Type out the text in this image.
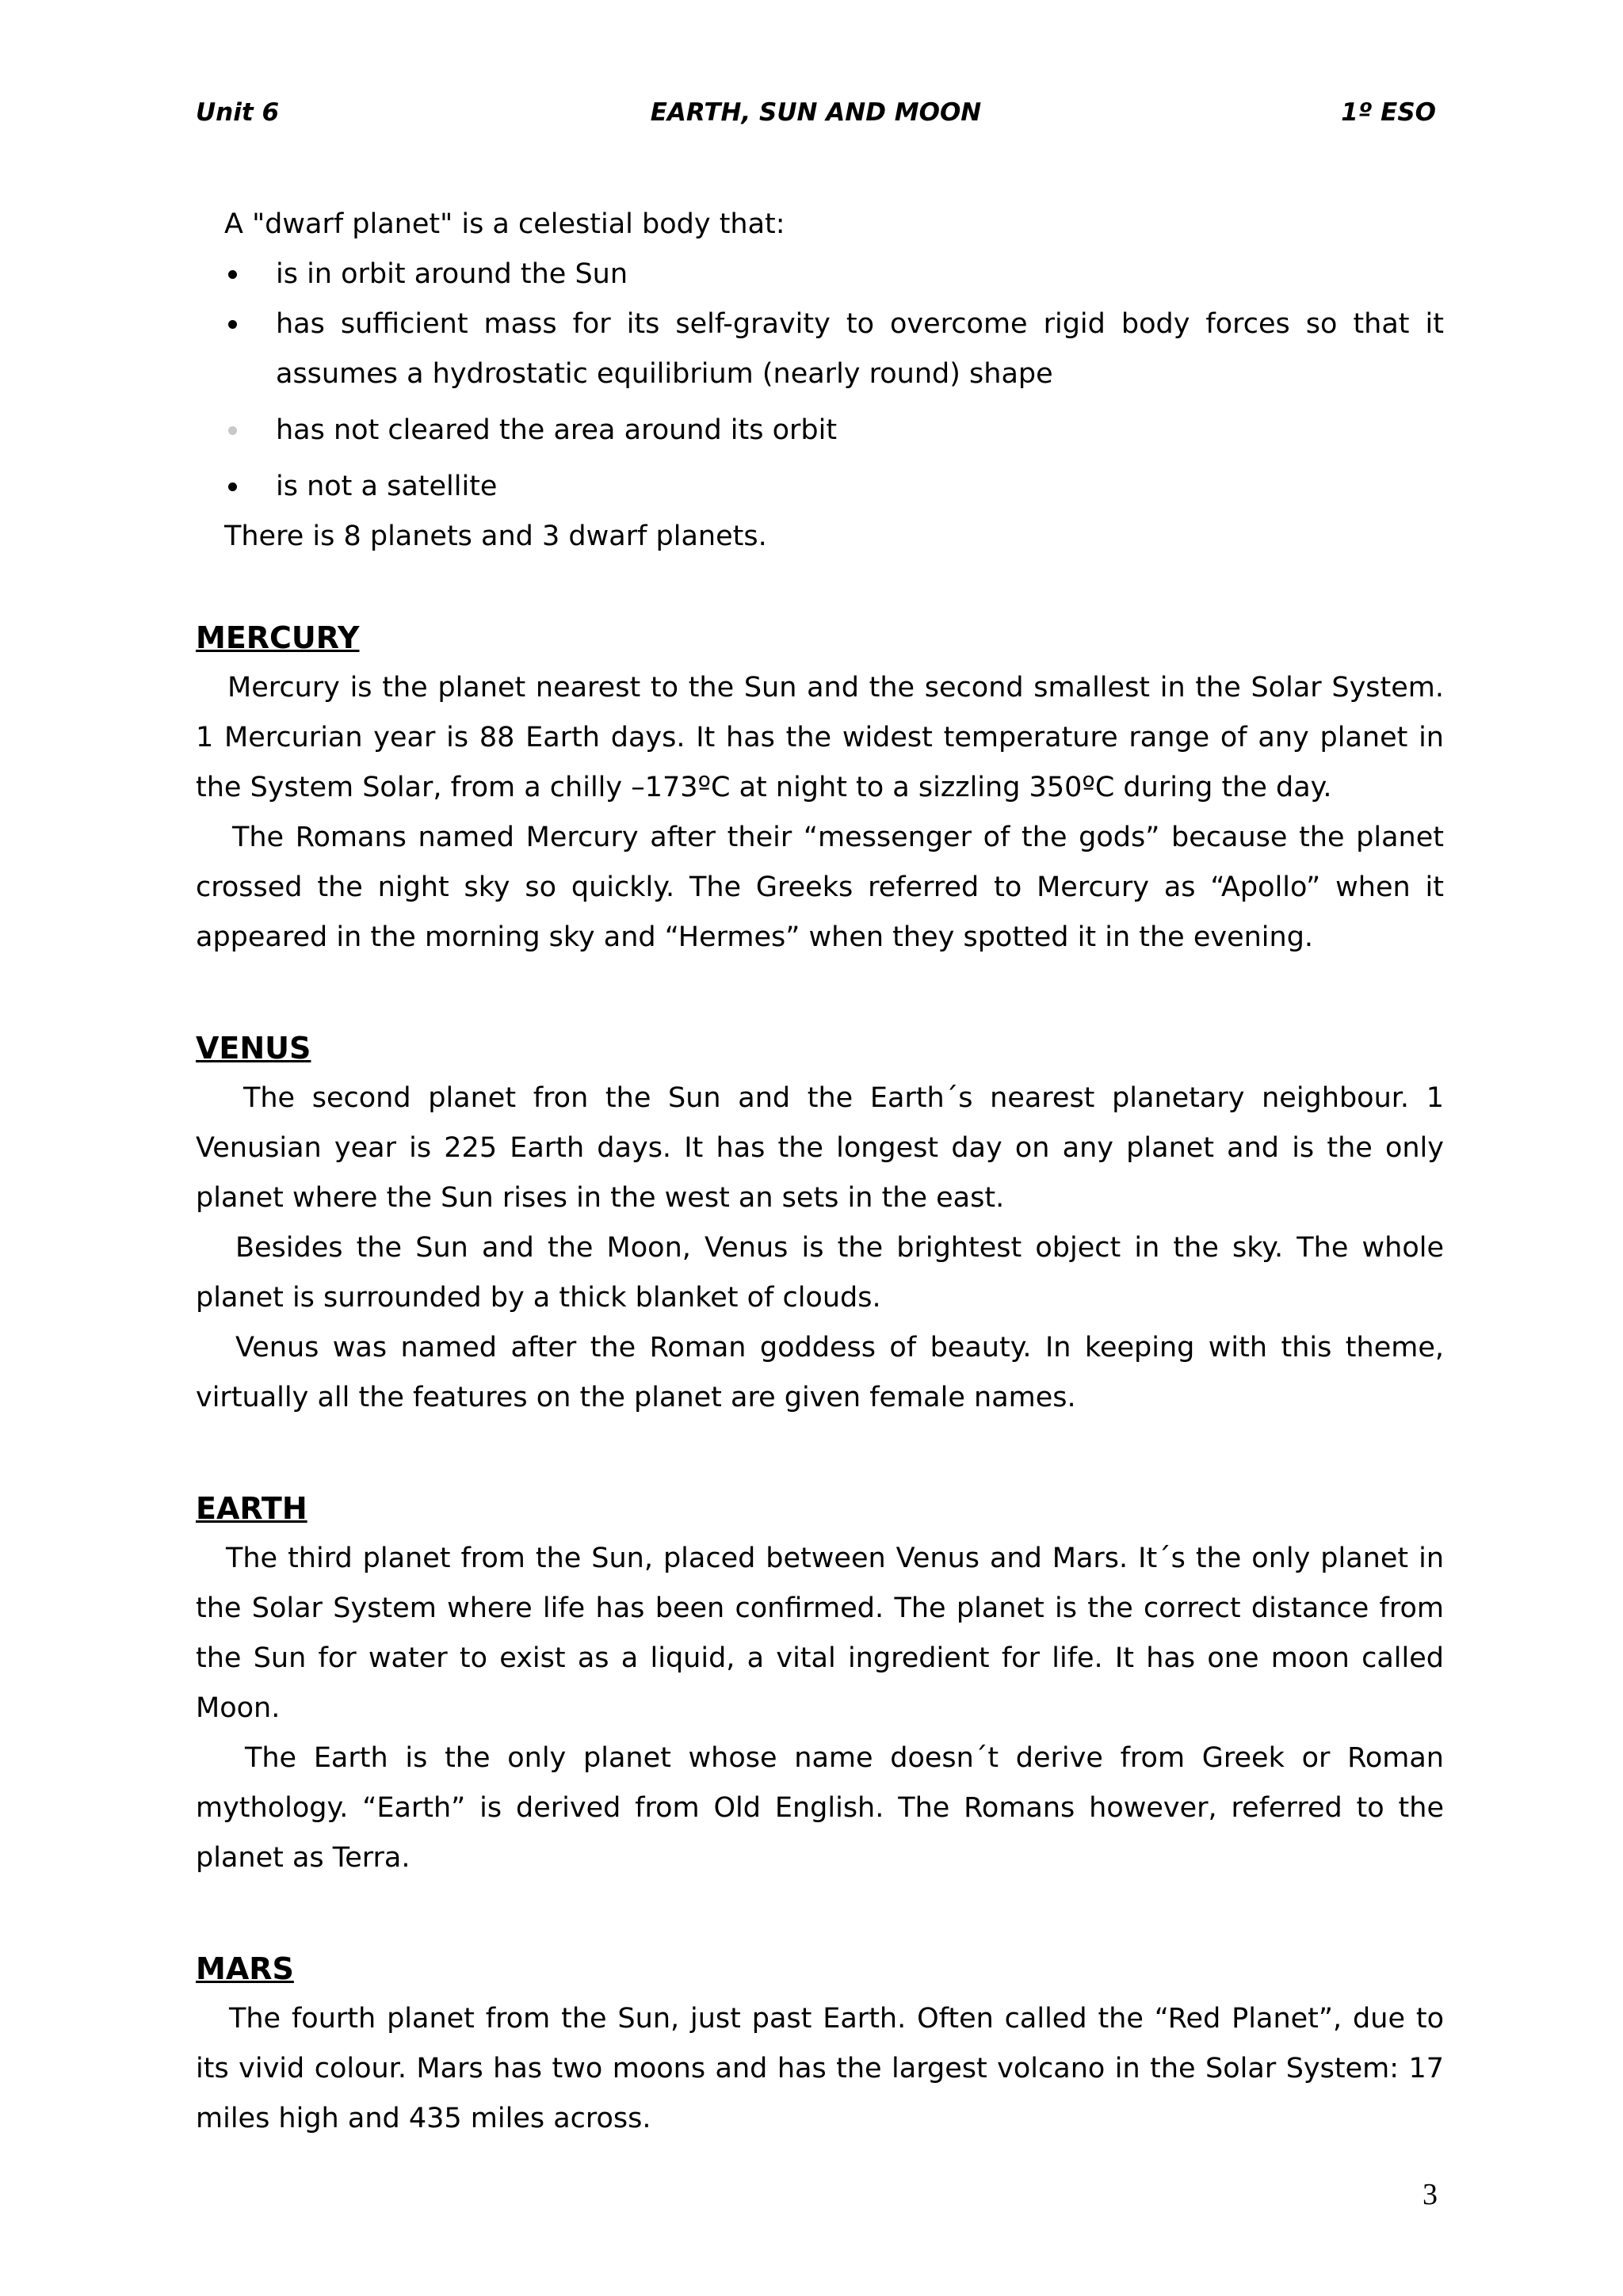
Unit 6	EARTH, SUN AND MOON	1º ESO

A "dwarf planet" is a celestial body that:

is in orbit around the Sun
has sufficient mass for its self-gravity to overcome rigid body forces so that it assumes a hydrostatic equilibrium (nearly round) shape
has not cleared the area around its orbit
is not a satellite

There is 8 planets and 3 dwarf planets.

MERCURY

Mercury is the planet nearest to the Sun and the second smallest in the Solar System. 1 Mercurian year is 88 Earth days. It has the widest temperature range of any planet in the System Solar, from a chilly –173ºC at night to a sizzling 350ºC during the day.

The Romans named Mercury after their “messenger of the gods” because the planet crossed the night sky so quickly. The Greeks referred to Mercury as “Apollo” when it appeared in the morning sky and “Hermes” when they spotted it in the evening.

VENUS

The second planet fron the Sun and the Earth´s nearest planetary neighbour. 1 Venusian year is 225 Earth days. It has the longest day on any planet and is the only planet where the Sun rises in the west an sets in the east.

Besides the Sun and the Moon, Venus is the brightest object in the sky. The whole planet is surrounded by a thick blanket of clouds.

Venus was named after the Roman goddess of beauty. In keeping with this theme, virtually all the features on the planet are given female names.

EARTH

The third planet from the Sun, placed between Venus and Mars. It´s the only planet in the Solar System where life has been confirmed. The planet is the correct distance from the Sun for water to exist as a liquid, a vital ingredient for life. It has one moon called Moon.

The Earth is the only planet whose name doesn´t derive from Greek or Roman mythology. “Earth” is derived from Old English. The Romans however, referred to the planet as Terra.

MARS

The fourth planet from the Sun, just past Earth. Often called the “Red Planet”, due to its vivid colour. Mars has two moons and has the largest volcano in the Solar System: 17 miles high and 435 miles across.

3
